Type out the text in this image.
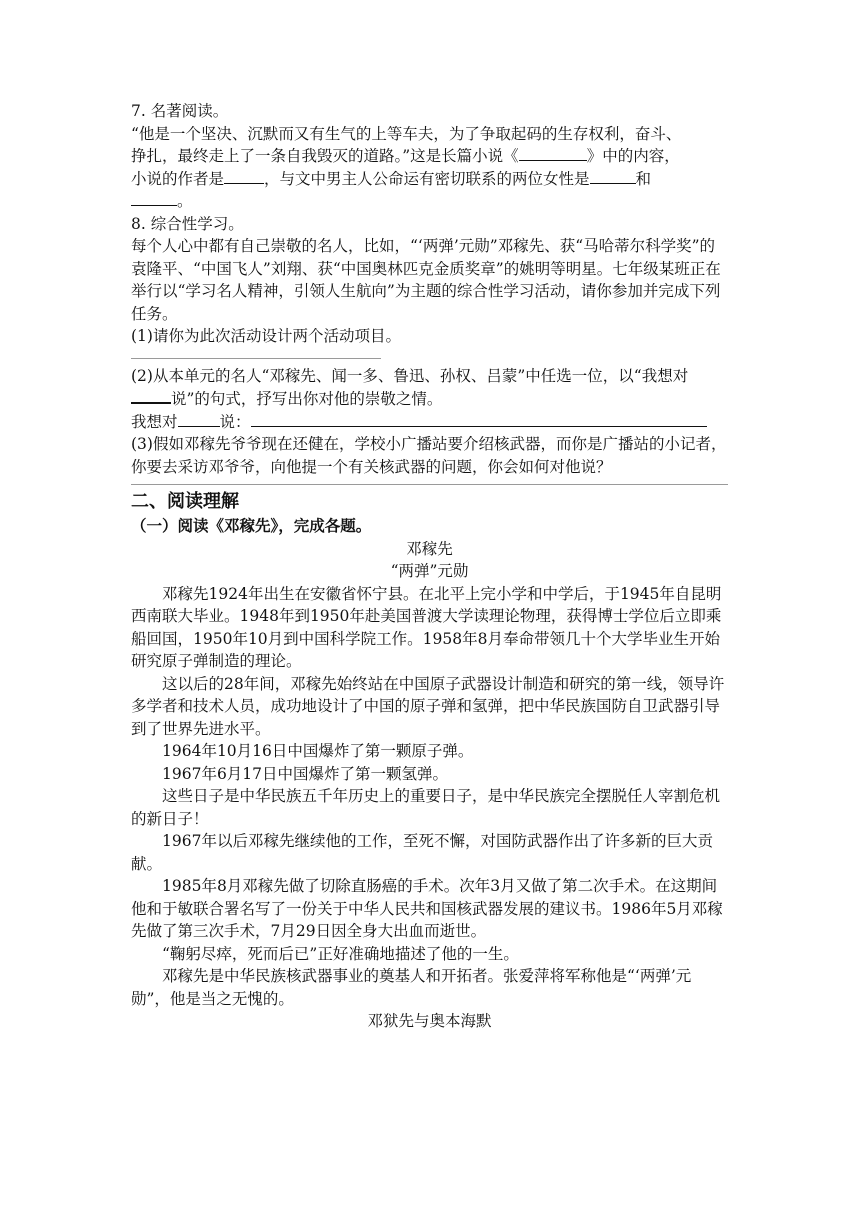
7. 名著阅读。

“他是一个坚决、沉默而又有生气的上等车夫，为了争取起码的生存权利，奋斗、

挣扎，最终走上了一条自我毁灭的道路。”这是长篇小说《	》中的内容，

小说的作者是	，与文中男主人公命运有密切联系的两位女性是	和

。

8. 综合性学习。

每个人心中都有自己崇敬的名人，比如，“‘两弹’元勋”邓稼先、获“马哈蒂尔科学奖”的袁隆平、“中国飞人”刘翔、获“中国奥林匹克金质奖章”的姚明等明星。七年级某班正在举行以“学习名人精神，引领人生航向”为主题的综合性学习活动，请你参加并完成下列任务。

(1)请你为此次活动设计两个活动项目。

(2)从本单元的名人“邓稼先、闻一多、鲁迅、孙权、吕蒙”中任选一位，以“我想对说”的句式，抒写出你对他的崇敬之情。

我想对	说：

(3)假如邓稼先爷爷现在还健在，学校小广播站要介绍核武器，而你是广播站的小记者，你要去采访邓爷爷，向他提一个有关核武器的问题，你会如何对他说？

二、阅读理解

（一）阅读《邓稼先》，完成各题。

邓稼先

“两弹”元勋

邓稼先1924年出生在安徽省怀宁县。在北平上完小学和中学后，于1945年自昆明西南联大毕业。1948年到1950年赴美国普渡大学读理论物理，获得博士学位后立即乘船回国，1950年10月到中国科学院工作。1958年8月奉命带领几十个大学毕业生开始研究原子弹制造的理论。

这以后的28年间，邓稼先始终站在中国原子武器设计制造和研究的第一线，领导许多学者和技术人员，成功地设计了中国的原子弹和氢弹，把中华民族国防自卫武器引导到了世界先进水平。

1964年10月16日中国爆炸了第一颗原子弹。

1967年6月17日中国爆炸了第一颗氢弹。

这些日子是中华民族五千年历史上的重要日子，是中华民族完全摆脱任人宰割危机的新日子！

1967年以后邓稼先继续他的工作，至死不懈，对国防武器作出了许多新的巨大贡献。

1985年8月邓稼先做了切除直肠癌的手术。次年3月又做了第二次手术。在这期间他和于敏联合署名写了一份关于中华人民共和国核武器发展的建议书。1986年5月邓稼先做了第三次手术，7月29日因全身大出血而逝世。

“鞠躬尽瘁，死而后已”正好准确地描述了他的一生。

邓稼先是中华民族核武器事业的奠基人和开拓者。张爱萍将军称他是“‘两弹’元勋”，他是当之无愧的。

邓狱先与奥本海默
